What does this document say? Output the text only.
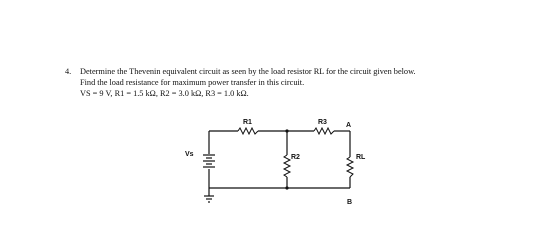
4. Determine the Thevenin equivalent circuit as seen by the load resistor RL for the circuit given below.
Find the load resistance for maximum power transfer in this circuit.
VS = 9 V, R1 = 1.5 kΩ, R2 = 3.0 kΩ, R3 = 1.0 kΩ.
R1	R3	A
Vs	R2	RL
B
